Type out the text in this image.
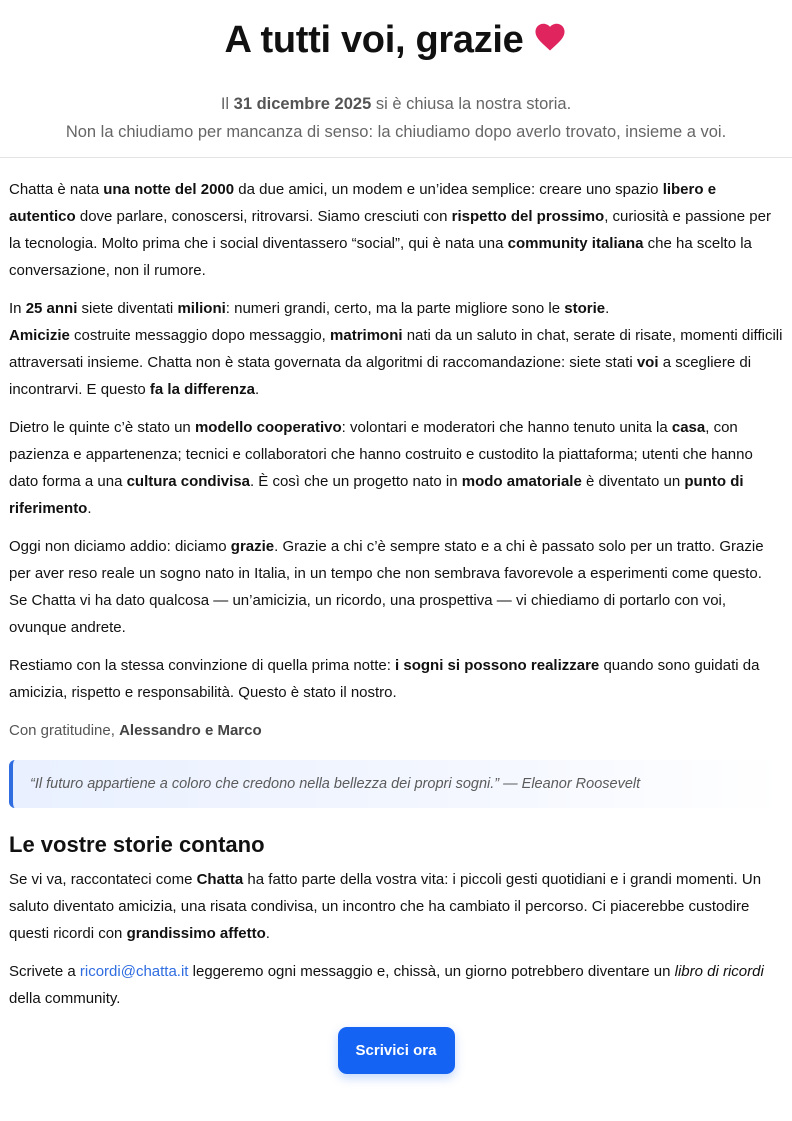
A tutti voi, grazie
Il 31 dicembre 2025 si è chiusa la nostra storia.
Non la chiudiamo per mancanza di senso: la chiudiamo dopo averlo trovato, insieme a voi.

Chatta è nata una notte del 2000 da due amici, un modem e un’idea semplice: creare uno spazio libero e autentico dove parlare, conoscersi, ritrovarsi. Siamo cresciuti con rispetto del prossimo, curiosità e passione per la tecnologia. Molto prima che i social diventassero “social”, qui è nata una community italiana che ha scelto la conversazione, non il rumore.

In 25 anni siete diventati milioni: numeri grandi, certo, ma la parte migliore sono le storie.
Amicizie costruite messaggio dopo messaggio, matrimoni nati da un saluto in chat, serate di risate, momenti difficili attraversati insieme. Chatta non è stata governata da algoritmi di raccomandazione: siete stati voi a scegliere di incontrarvi. E questo fa la differenza.

Dietro le quinte c’è stato un modello cooperativo: volontari e moderatori che hanno tenuto unita la casa, con pazienza e appartenenza; tecnici e collaboratori che hanno costruito e custodito la piattaforma; utenti che hanno dato forma a una cultura condivisa. È così che un progetto nato in modo amatoriale è diventato un punto di riferimento.

Oggi non diciamo addio: diciamo grazie. Grazie a chi c’è sempre stato e a chi è passato solo per un tratto. Grazie per aver reso reale un sogno nato in Italia, in un tempo che non sembrava favorevole a esperimenti come questo. Se Chatta vi ha dato qualcosa — un’amicizia, un ricordo, una prospettiva — vi chiediamo di portarlo con voi, ovunque andrete.

Restiamo con la stessa convinzione di quella prima notte: i sogni si possono realizzare quando sono guidati da amicizia, rispetto e responsabilità. Questo è stato il nostro.

Con gratitudine, Alessandro e Marco

“Il futuro appartiene a coloro che credono nella bellezza dei propri sogni.” — Eleanor Roosevelt
Le vostre storie contano

Se vi va, raccontateci come Chatta ha fatto parte della vostra vita: i piccoli gesti quotidiani e i grandi momenti. Un saluto diventato amicizia, una risata condivisa, un incontro che ha cambiato il percorso. Ci piacerebbe custodire questi ricordi con grandissimo affetto.

Scrivete a ricordi@chatta.it leggeremo ogni messaggio e, chissà, un giorno potrebbero diventare un libro di ricordi della community.

Scrivici ora
